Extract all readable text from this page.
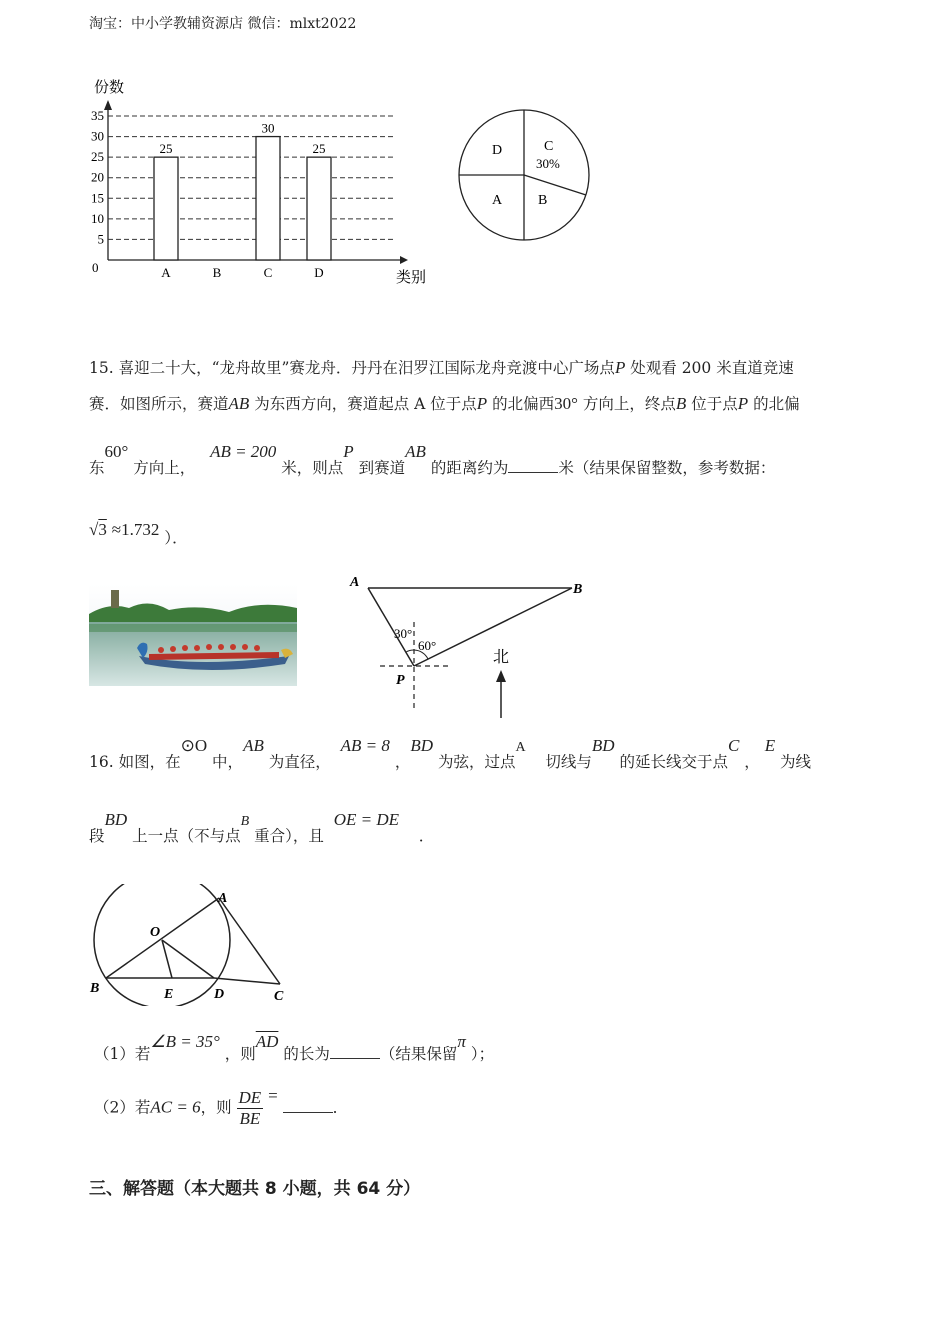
淘宝：中小学教辅资源店 微信：mlxt2022
份数
类别
0
5
10
15
20
25
30
35
25
A	B
30
C
25
D
D	C
30%
A	B
15. 喜迎二十大，“龙舟故里”赛龙舟．丹丹在汨罗江国际龙舟竞渡中心广场点P 处观看 200 米直道竞速
赛．如图所示，赛道AB 为东西方向，赛道起点 A 位于点P 的北偏西30° 方向上，终点B 位于点P 的北偏
东60° 方向上，   AB = 200 米，则点P 到赛道AB 的距离约为	米（结果保留整数，参考数据：
√3 ≈1.732 ）．
A	B
P
30°
60°
北
16. 如图，在⊙O 中，AB 为直径，  AB = 8 ，BD 为弦，过点A    切线与BD 的延长线交于点C ， E 为线
段BD 上一点（不与点B 重合），且  OE = DE    ．
A
O
B	E	D	C
（1）若∠B = 35° ，则$\overline{AD}$ 的长为	（结果保留π ）；
（2）若AC = 6，则 $\frac{DE}{BE}$ = ．
三、解答题（本大题共 8 小题，共 64 分）
